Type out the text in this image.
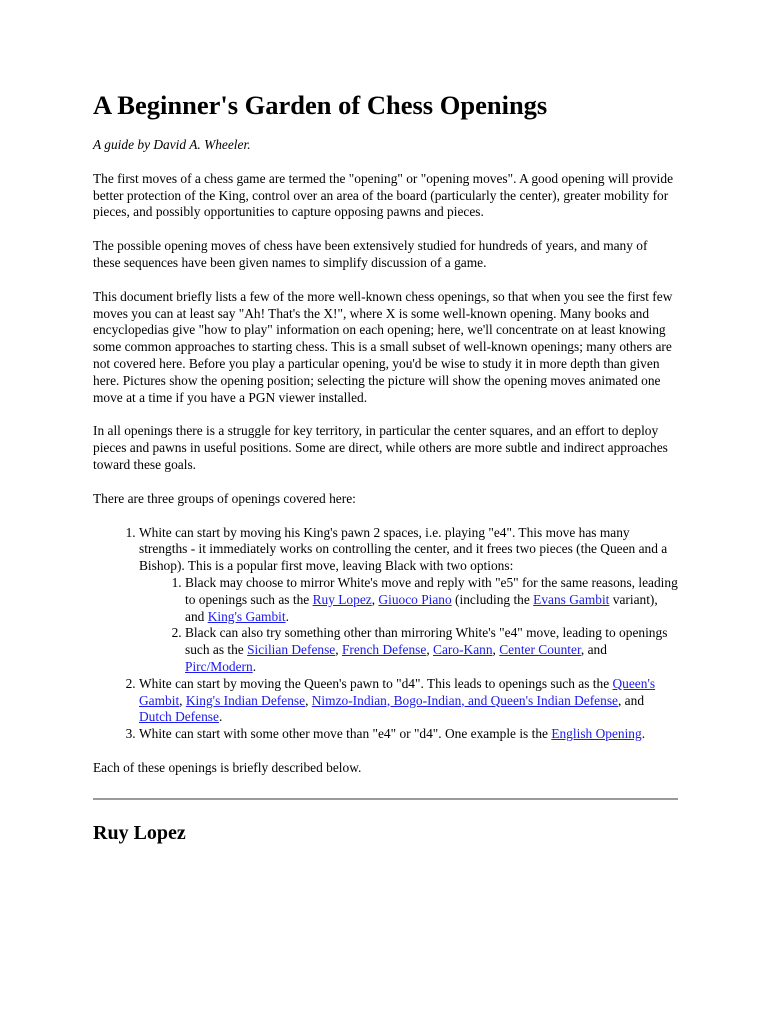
A Beginner's Garden of Chess Openings
A guide by David A. Wheeler.

The first moves of a chess game are termed the "opening" or "opening moves". A good opening will provide better protection of the King, control over an area of the board (particularly the center), greater mobility for pieces, and possibly opportunities to capture opposing pawns and pieces.

The possible opening moves of chess have been extensively studied for hundreds of years, and many of these sequences have been given names to simplify discussion of a game.

This document briefly lists a few of the more well-known chess openings, so that when you see the first few moves you can at least say "Ah! That's the X!", where X is some well-known opening. Many books and encyclopedias give "how to play" information on each opening; here, we'll concentrate on at least knowing some common approaches to starting chess. This is a small subset of well-known openings; many others are not covered here. Before you play a particular opening, you'd be wise to study it in more depth than given here. Pictures show the opening position; selecting the picture will show the opening moves animated one move at a time if you have a PGN viewer installed.

In all openings there is a struggle for key territory, in particular the center squares, and an effort to deploy pieces and pawns in useful positions. Some are direct, while others are more subtle and indirect approaches toward these goals.

There are three groups of openings covered here:

1. White can start by moving his King's pawn 2 spaces, i.e. playing "e4". This move has many strengths - it immediately works on controlling the center, and it frees two pieces (the Queen and a Bishop). This is a popular first move, leaving Black with two options:
1. Black may choose to mirror White's move and reply with "e5" for the same reasons, leading to openings such as the Ruy Lopez, Giuoco Piano (including the Evans Gambit variant), and King's Gambit.
2. Black can also try something other than mirroring White's "e4" move, leading to openings such as the Sicilian Defense, French Defense, Caro-Kann, Center Counter, and Pirc/Modern.
2. White can start by moving the Queen's pawn to "d4". This leads to openings such as the Queen's Gambit, King's Indian Defense, Nimzo-Indian, Bogo-Indian, and Queen's Indian Defense, and Dutch Defense.
3. White can start with some other move than "e4" or "d4". One example is the English Opening.

Each of these openings is briefly described below.

Ruy Lopez
